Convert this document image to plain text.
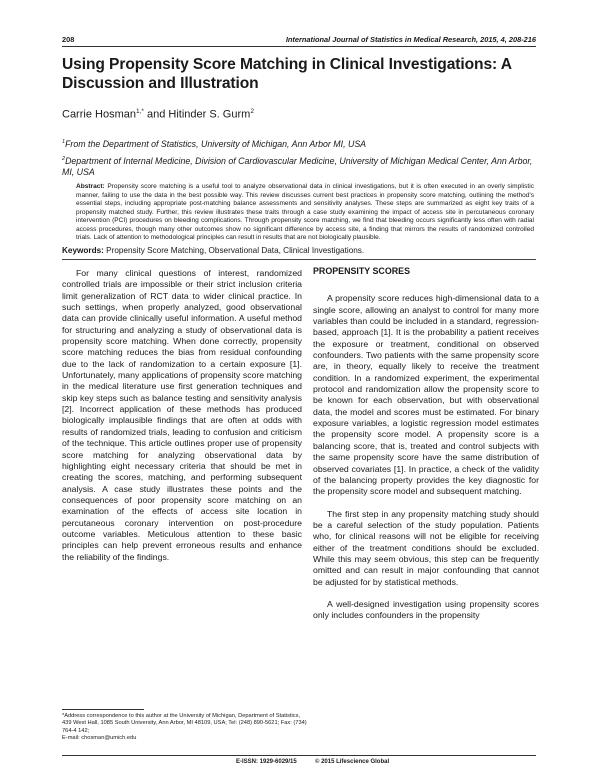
208	International Journal of Statistics in Medical Research, 2015, 4, 208-216
Using Propensity Score Matching in Clinical Investigations: A Discussion and Illustration
Carrie Hosman$^{1,*}$ and Hitinder S. Gurm$^2$
$^1$From the Department of Statistics, University of Michigan, Ann Arbor MI, USA
$^2$Department of Internal Medicine, Division of Cardiovascular Medicine, University of Michigan Medical Center, Ann Arbor, MI, USA
Abstract: Propensity score matching is a useful tool to analyze observational data in clinical investigations, but it is often executed in an overly simplistic manner, failing to use the data in the best possible way. This review discusses current best practices in propensity score matching, outlining the method's essential steps, including appropriate post-matching balance assessments and sensitivity analyses. These steps are summarized as eight key traits of a propensity matched study. Further, this review illustrates these traits through a case study examining the impact of access site in percutaneous coronary intervention (PCI) procedures on bleeding complications. Through propensity score matching, we find that bleeding occurs significantly less often with radial access procedures, though many other outcomes show no significant difference by access site, a finding that mirrors the results of randomized controlled trials. Lack of attention to methodological principles can result in results that are not biologically plausible.
Keywords: Propensity Score Matching, Observational Data, Clinical Investigations.

For many clinical questions of interest, randomized controlled trials are impossible or their strict inclusion criteria limit generalization of RCT data to wider clinical practice. In such settings, when properly analyzed, good observational data can provide clinically useful information. A useful method for structuring and analyzing a study of observational data is propensity score matching. When done correctly, propensity score matching reduces the bias from residual confounding due to the lack of randomization to a certain exposure [1]. Unfortunately, many applications of propensity score matching in the medical literature use first generation techniques and skip key steps such as balance testing and sensitivity analysis [2]. Incorrect application of these methods has produced biologically implausible findings that are often at odds with results of randomized trials, leading to confusion and criticism of the technique. This article outlines proper use of propensity score matching for analyzing observational data by highlighting eight necessary criteria that should be met in creating the scores, matching, and performing subsequent analysis. A case study illustrates these points and the consequences of poor propensity score matching on an examination of the effects of access site location in percutaneous coronary intervention on post-procedure outcome variables. Meticulous attention to these basic principles can help prevent erroneous results and enhance the reliability of the findings.

PROPENSITY SCORES

A propensity score reduces high-dimensional data to a single score, allowing an analyst to control for many more variables than could be included in a standard, regression-based, approach [1]. It is the probability a patient receives the exposure or treatment, conditional on observed confounders. Two patients with the same propensity score are, in theory, equally likely to receive the treatment condition. In a randomized experiment, the experimental protocol and randomization allow the propensity score to be known for each observation, but with observational data, the model and scores must be estimated. For binary exposure variables, a logistic regression model estimates the propensity score model. A propensity score is a balancing score, that is, treated and control subjects with the same propensity score have the same distribution of observed covariates [1]. In practice, a check of the validity of the balancing property provides the key diagnostic for the propensity score model and subsequent matching.

The first step in any propensity matching study should be a careful selection of the study population. Patients who, for clinical reasons will not be eligible for receiving either of the treatment conditions should be excluded. While this may seem obvious, this step can be frequently omitted and can result in major confounding that cannot be adjusted for by statistical methods.

A well-designed investigation using propensity scores only includes confounders in the propensity

*Address correspondence to this author at the University of Michigan, Department of Statistics, 439 West Hall, 1085 South University, Ann Arbor, MI 48109, USA; Tel: (248) 890-5621; Fax: (734) 764-4 142;
E-mail: chosman@umich.edu
E-ISSN: 1929-6029/15	© 2015 Lifescience Global
